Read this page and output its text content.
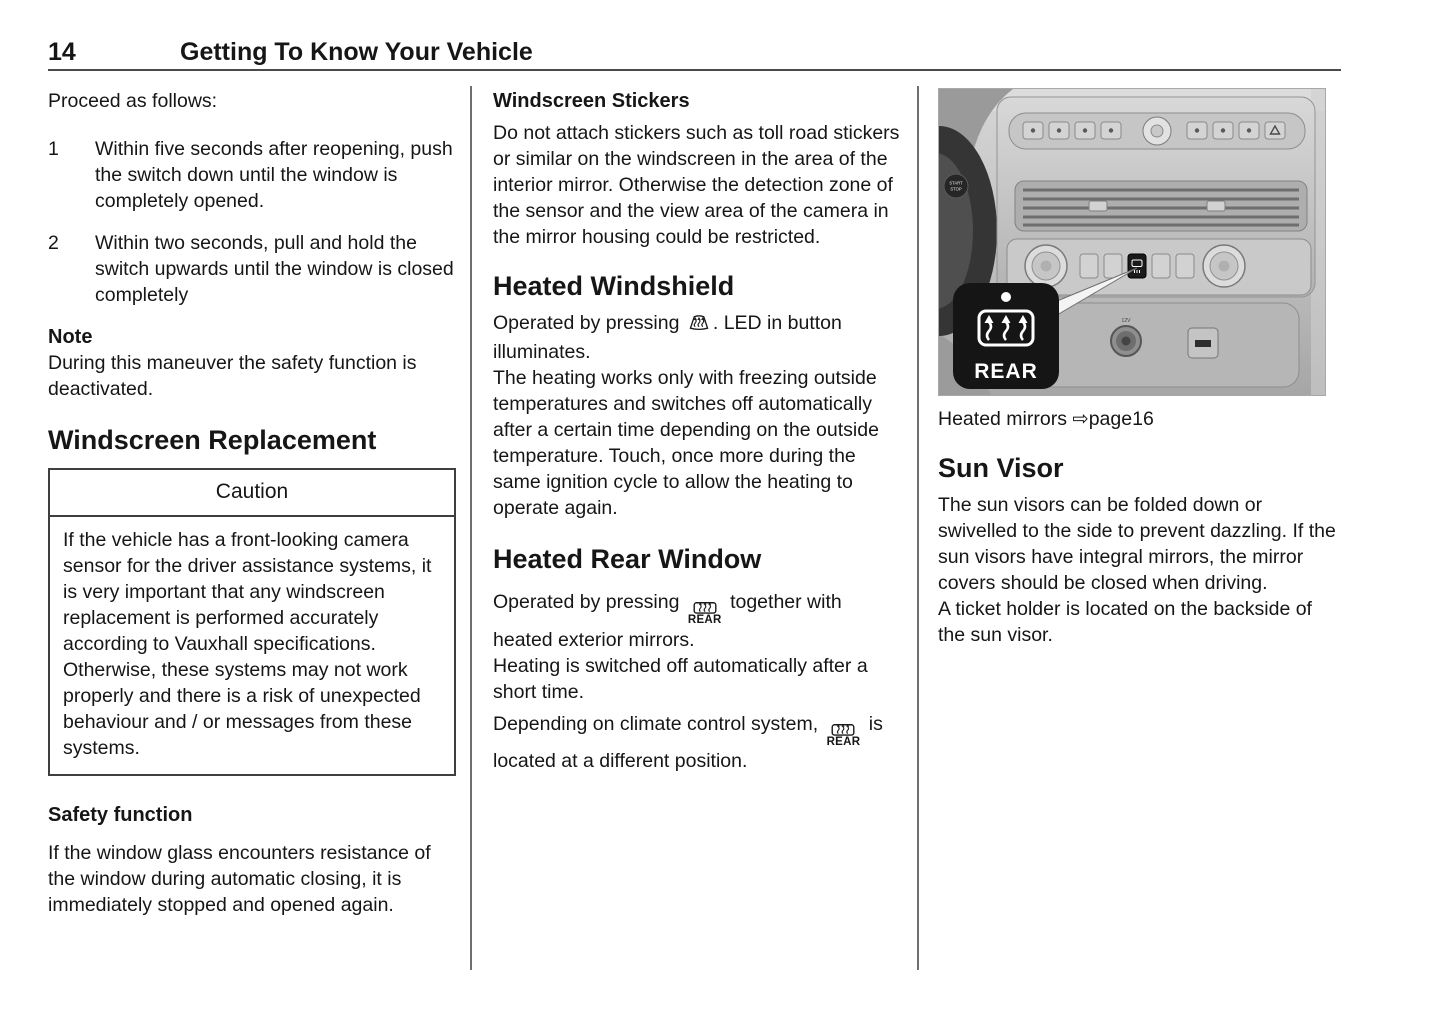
14	Getting To Know Your Vehicle

Proceed as follows:

1	Within five seconds after reopening, push the switch down until the window is completely opened.
2	Within two seconds, pull and hold the switch upwards until the window is closed completely

Note

During this maneuver the safety function is deactivated.

Windscreen Replacement
Caution
If the vehicle has a front-looking camera sensor for the driver assistance systems, it is very important that any windscreen replacement is performed accurately according to Vauxhall specifications. Otherwise, these systems may not work properly and there is a risk of unexpected behaviour and / or messages from these systems.

Safety function

If the window glass encounters resistance of the window during automatic closing, it is immediately stopped and opened again.

Windscreen Stickers

Do not attach stickers such as toll road stickers or similar on the windscreen in the area of the interior mirror. Otherwise the detection zone of the sensor and the view area of the camera in the mirror housing could be restricted.

Heated Windshield

Operated by pressing . LED in button illuminates.

The heating works only with freezing outside temperatures and switches off automatically after a certain time depending on the outside temperature. Touch, once more during the same ignition cycle to allow the heating to operate again.

Heated Rear Window

Operated by pressing
REAR
together with heated exterior mirrors.

Heating is switched off automatically after a short time.

Depending on climate control system,
REAR
is located at a different position.

START
STOP
12V
REAR

Heated mirrors ⇨page16

Sun Visor

The sun visors can be folded down or swivelled to the side to prevent dazzling. If the sun visors have integral mirrors, the mirror covers should be closed when driving.

A ticket holder is located on the backside of the sun visor.
